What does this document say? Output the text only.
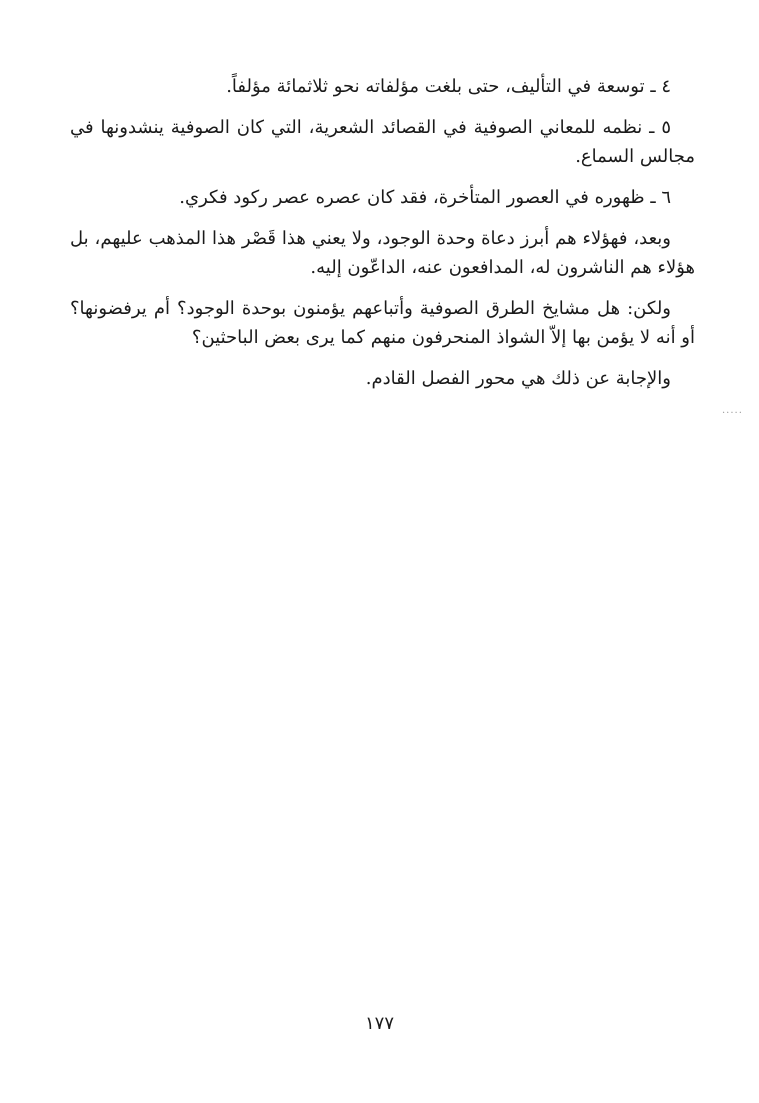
٤ ـ توسعة في التأليف، حتى بلغت مؤلفاته نحو ثلاثمائة مؤلفاً.

٥ ـ نظمه للمعاني الصوفية في القصائد الشعرية، التي كان الصوفية ينشدونها في مجالس السماع.

٦ ـ ظهوره في العصور المتأخرة، فقد كان عصره عصر ركود فكري.

وبعد، فهؤلاء هم أبرز دعاة وحدة الوجود، ولا يعني هذا قَصْر هذا المذهب عليهم، بل هؤلاء هم الناشرون له، المدافعون عنه، الداعّون إليه.

ولكن: هل مشايخ الطرق الصوفية وأتباعهم يؤمنون بوحدة الوجود؟ أم يرفضونها؟ أو أنه لا يؤمن بها إلاّ الشواذ المنحرفون منهم كما يرى بعض الباحثين؟

والإجابة عن ذلك هي محور الفصل القادم.

.....
١٧٧
